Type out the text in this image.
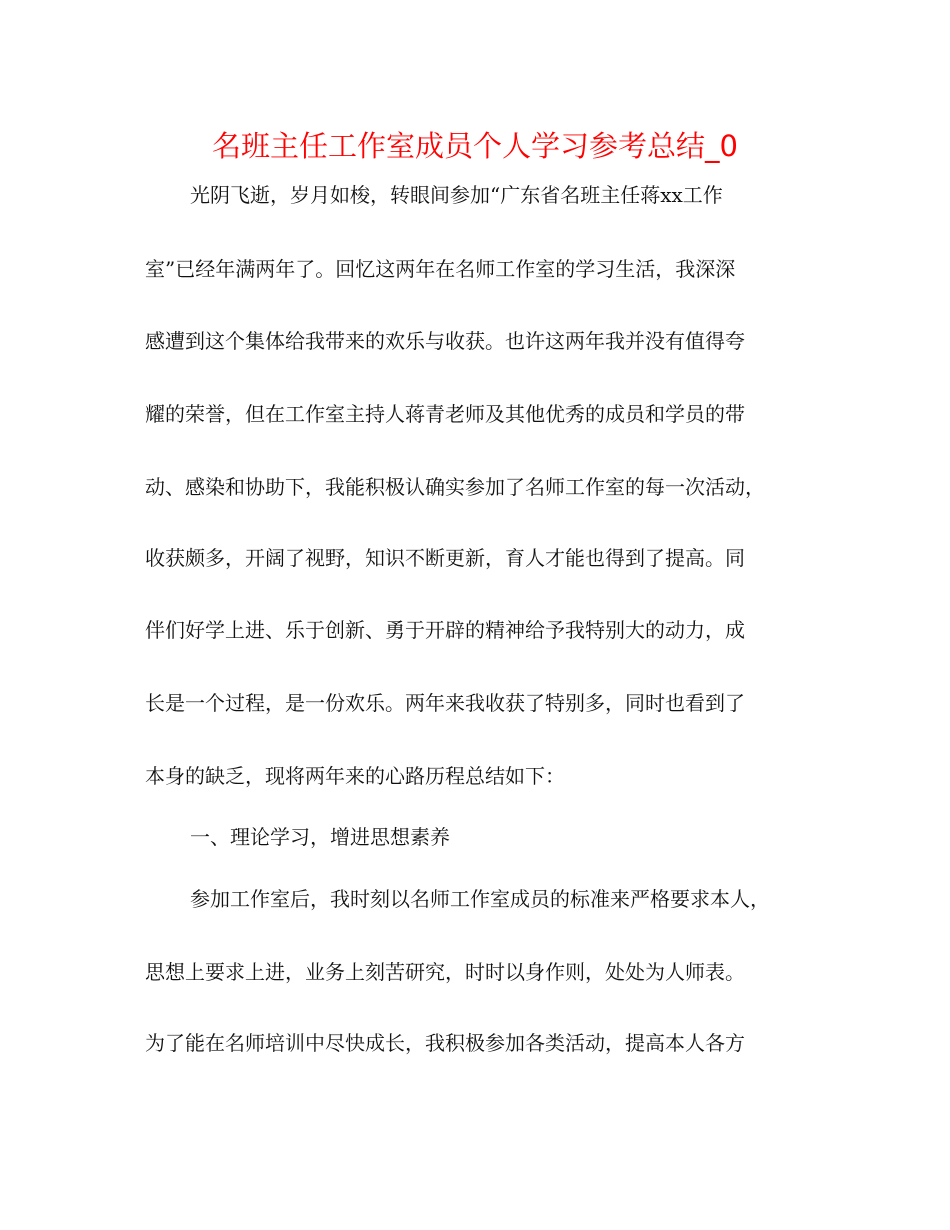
名班主任工作室成员个人学习参考总结_0
光阴飞逝，岁月如梭，转眼间参加“广东省名班主任蒋xx工作
室”已经年满两年了。回忆这两年在名师工作室的学习生活，我深深
感遭到这个集体给我带来的欢乐与收获。也许这两年我并没有值得夸
耀的荣誉，但在工作室主持人蒋青老师及其他优秀的成员和学员的带
动、感染和协助下，我能积极认确实参加了名师工作室的每一次活动，
收获颇多，开阔了视野，知识不断更新，育人才能也得到了提高。同
伴们好学上进、乐于创新、勇于开辟的精神给予我特别大的动力，成
长是一个过程，是一份欢乐。两年来我收获了特别多，同时也看到了
本身的缺乏，现将两年来的心路历程总结如下：
一、理论学习，增进思想素养
参加工作室后，我时刻以名师工作室成员的标准来严格要求本人，
思想上要求上进，业务上刻苦研究，时时以身作则，处处为人师表。
为了能在名师培训中尽快成长，我积极参加各类活动，提高本人各方
